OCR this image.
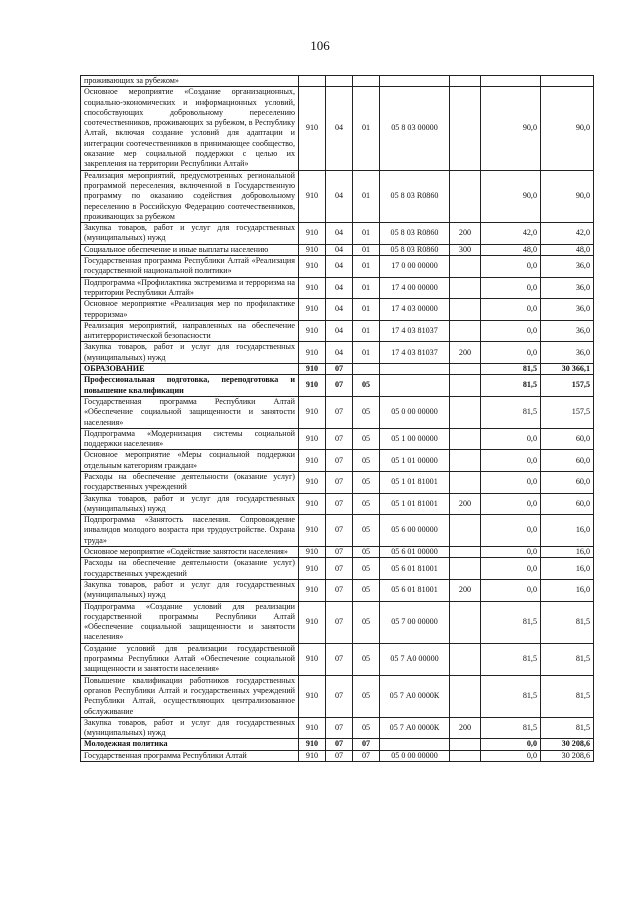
106
проживающих за рубежом»							
Основное мероприятие «Создание организационных, социально-экономических и информационных условий, способствующих добровольному переселению соотечественников, проживающих за рубежом, в Республику Алтай, включая создание условий для адаптации и интеграции соотечественников в принимающее сообщество, оказание мер социальной поддержки с целью их закрепления на территории Республики Алтай»	910	04	01	05 8 03 00000		90,0	90,0
Реализация мероприятий, предусмотренных региональной программой переселения, включенной в Государственную программу по оказанию содействия добровольному переселению в Российскую Федерацию соотечественников, проживающих за рубежом	910	04	01	05 8 03 R0860		90,0	90,0
Закупка товаров, работ и услуг для государственных (муниципальных) нужд	910	04	01	05 8 03 R0860	200	42,0	42,0
Социальное обеспечение и иные выплаты населению	910	04	01	05 8 03 R0860	300	48,0	48,0
Государственная программа Республики Алтай «Реализация государственной национальной политики»	910	04	01	17 0 00 00000		0,0	36,0
Подпрограмма «Профилактика экстремизма и терроризма на территории Республики Алтай»	910	04	01	17 4 00 00000		0,0	36,0
Основное мероприятие «Реализация мер по профилактике терроризма»	910	04	01	17 4 03 00000		0,0	36,0
Реализация мероприятий, направленных на обеспечение антитеррористической безопасности	910	04	01	17 4 03 81037		0,0	36,0
Закупка товаров, работ и услуг для государственных (муниципальных) нужд	910	04	01	17 4 03 81037	200	0,0	36,0
ОБРАЗОВАНИЕ	910	07				81,5	30 366,1
Профессиональная подготовка, переподготовка и повышение квалификации	910	07	05			81,5	157,5
Государственная программа Республики Алтай «Обеспечение социальной защищенности и занятости населения»	910	07	05	05 0 00 00000		81,5	157,5
Подпрограмма «Модернизация системы социальной поддержки населения»	910	07	05	05 1 00 00000		0,0	60,0
Основное мероприятие «Меры социальной поддержки отдельным категориям граждан»	910	07	05	05 1 01 00000		0,0	60,0
Расходы на обеспечение деятельности (оказание услуг) государственных учреждений	910	07	05	05 1 01 81001		0,0	60,0
Закупка товаров, работ и услуг для государственных (муниципальных) нужд	910	07	05	05 1 01 81001	200	0,0	60,0
Подпрограмма «Занятость населения. Сопровождение инвалидов молодого возраста при трудоустройстве. Охрана труда»	910	07	05	05 6 00 00000		0,0	16,0
Основное мероприятие «Содействие занятости населения»	910	07	05	05 6 01 00000		0,0	16,0
Расходы на обеспечение деятельности (оказание услуг) государственных учреждений	910	07	05	05 6 01 81001		0,0	16,0
Закупка товаров, работ и услуг для государственных (муниципальных) нужд	910	07	05	05 6 01 81001	200	0,0	16,0
Подпрограмма «Создание условий для реализации государственной программы Республики Алтай «Обеспечение социальной защищенности и занятости населения»	910	07	05	05 7 00 00000		81,5	81,5
Создание условий для реализации государственной программы Республики Алтай «Обеспечение социальной защищенности и занятости населения»	910	07	05	05 7 А0 00000		81,5	81,5
Повышение квалификации работников государственных органов Республики Алтай и государственных учреждений Республики Алтай, осуществляющих централизованное обслуживание	910	07	05	05 7 А0 0000К		81,5	81,5
Закупка товаров, работ и услуг для государственных (муниципальных) нужд	910	07	05	05 7 А0 0000К	200	81,5	81,5
Молодежная политика	910	07	07			0,0	30 208,6
Государственная программа Республики Алтай	910	07	07	05 0 00 00000		0,0	30 208,6
